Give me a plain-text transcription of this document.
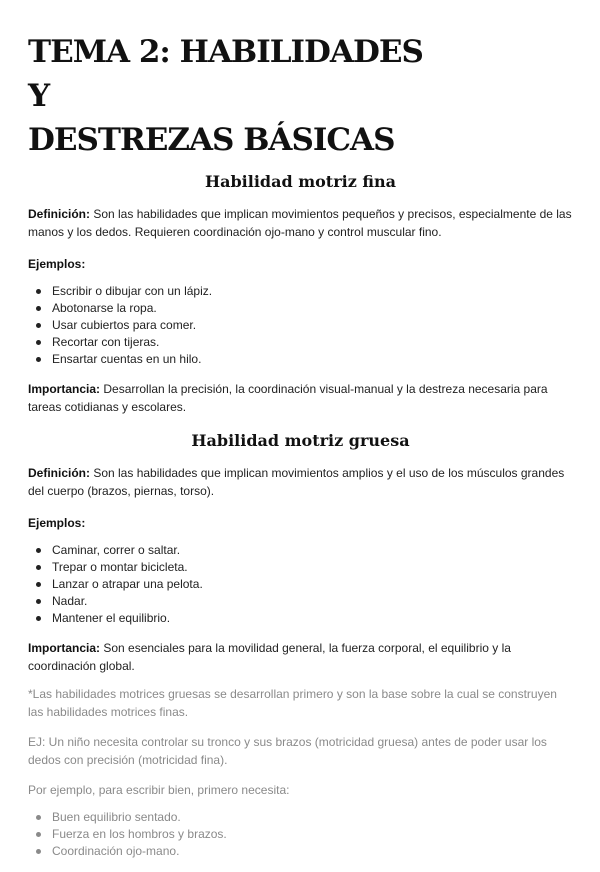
TEMA 2: HABILIDADES Y
DESTREZAS BÁSICAS
Habilidad motriz fina

Definición: Son las habilidades que implican movimientos pequeños y precisos, especialmente de las manos y los dedos. Requieren coordinación ojo-mano y control muscular fino.

Ejemplos:

Escribir o dibujar con un lápiz.
Abotonarse la ropa.
Usar cubiertos para comer.
Recortar con tijeras.
Ensartar cuentas en un hilo.

Importancia: Desarrollan la precisión, la coordinación visual-manual y la destreza necesaria para tareas cotidianas y escolares.

Habilidad motriz gruesa

Definición: Son las habilidades que implican movimientos amplios y el uso de los músculos grandes del cuerpo (brazos, piernas, torso).

Ejemplos:

Caminar, correr o saltar.
Trepar o montar bicicleta.
Lanzar o atrapar una pelota.
Nadar.
Mantener el equilibrio.

Importancia: Son esenciales para la movilidad general, la fuerza corporal, el equilibrio y la coordinación global.

*Las habilidades motrices gruesas se desarrollan primero y son la base sobre la cual se construyen las habilidades motrices finas.

EJ: Un niño necesita controlar su tronco y sus brazos (motricidad gruesa) antes de poder usar los dedos con precisión (motricidad fina).

Por ejemplo, para escribir bien, primero necesita:

Buen equilibrio sentado.
Fuerza en los hombros y brazos.
Coordinación ojo-mano.
